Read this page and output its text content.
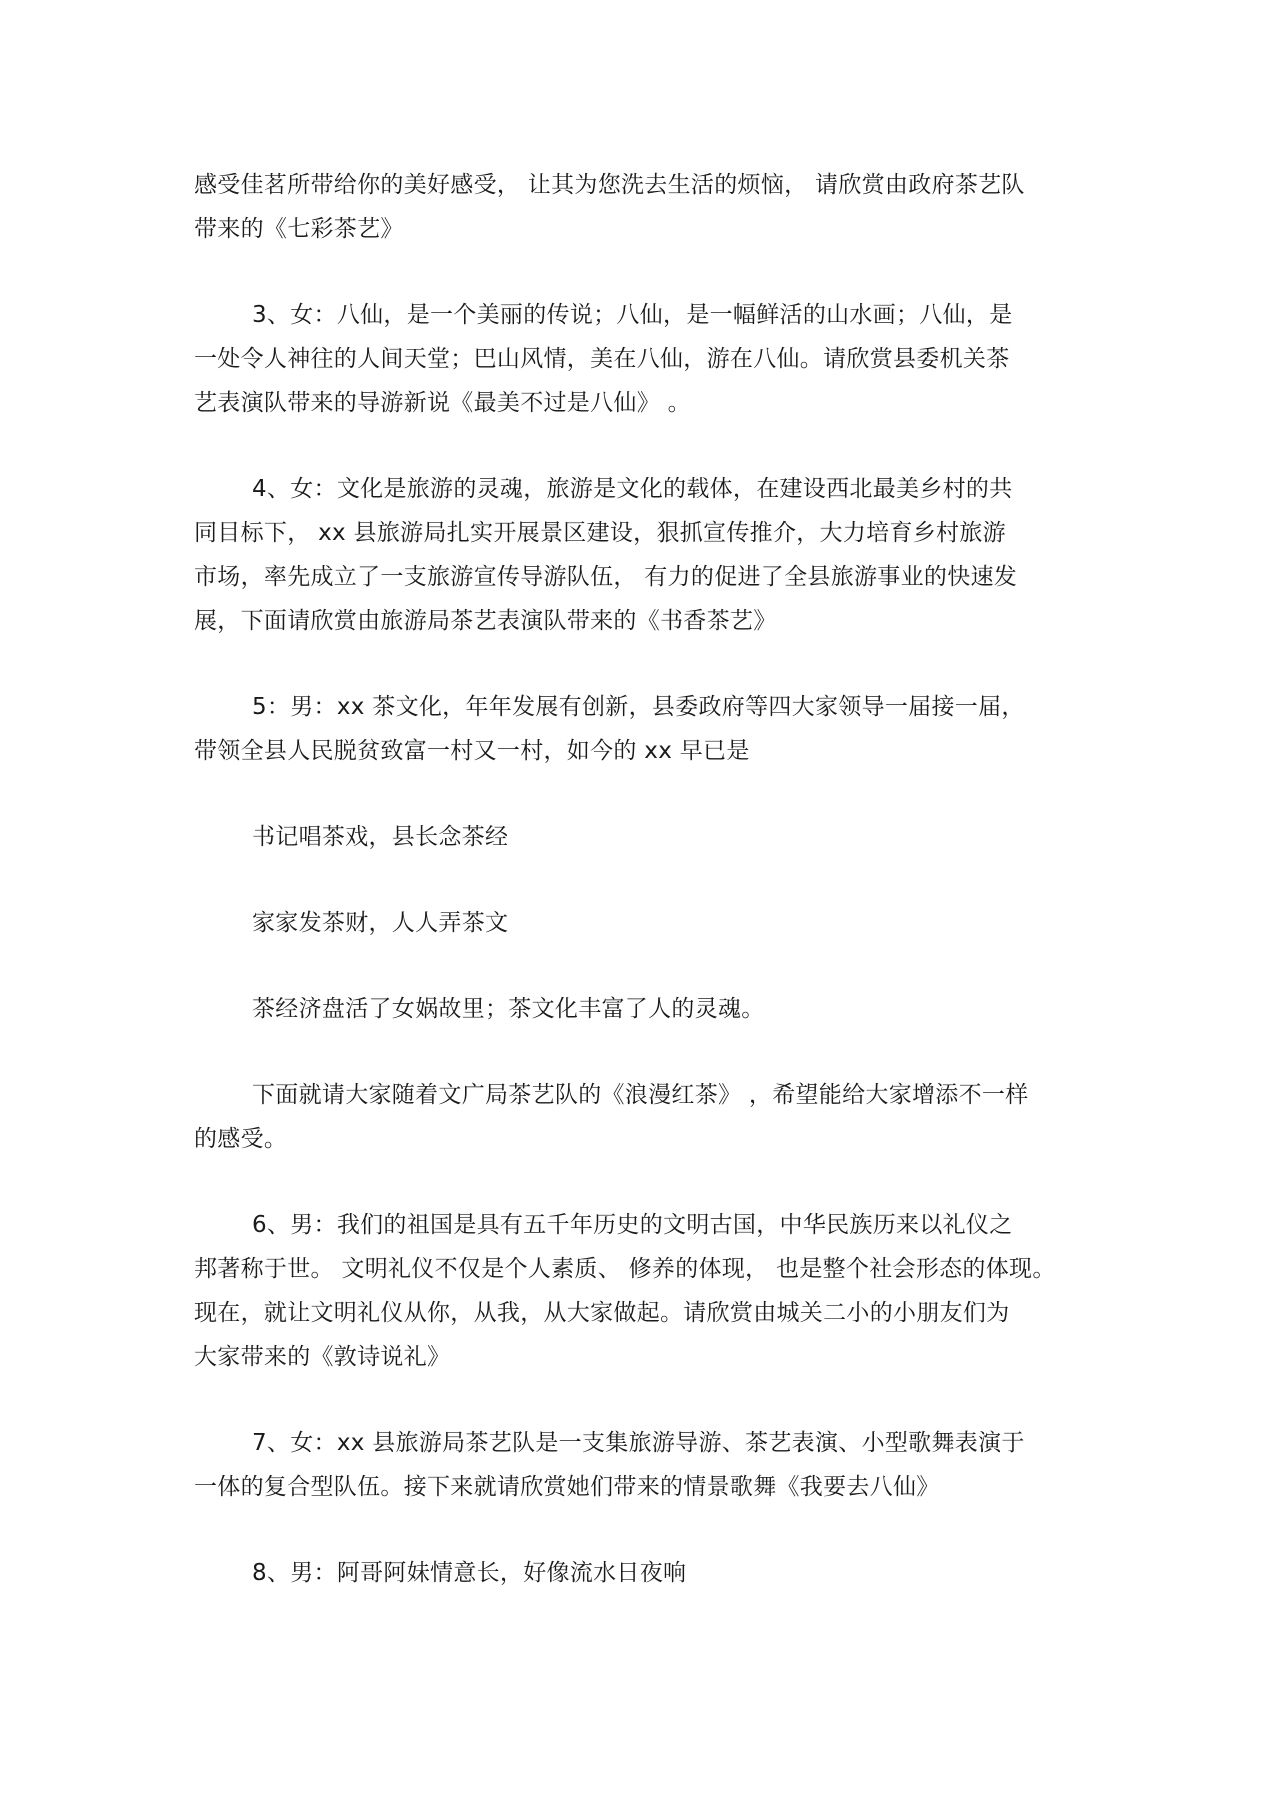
感受佳茗所带给你的美好感受， 让其为您洗去生活的烦恼， 请欣赏由政府茶艺队
带来的《七彩茶艺》
3、女：八仙，是一个美丽的传说；八仙，是一幅鲜活的山水画；八仙，是
一处令人神往的人间天堂；巴山风情，美在八仙，游在八仙。请欣赏县委机关茶
艺表演队带来的导游新说《最美不过是八仙》 。
4、女：文化是旅游的灵魂，旅游是文化的载体，在建设西北最美乡村的共
同目标下， xx 县旅游局扎实开展景区建设，狠抓宣传推介，大力培育乡村旅游
市场，率先成立了一支旅游宣传导游队伍， 有力的促进了全县旅游事业的快速发
展，下面请欣赏由旅游局茶艺表演队带来的《书香茶艺》
5：男：xx 茶文化，年年发展有创新，县委政府等四大家领导一届接一届，
带领全县人民脱贫致富一村又一村，如今的 xx 早已是
书记唱茶戏，县长念茶经
家家发茶财，人人弄茶文
茶经济盘活了女娲故里；茶文化丰富了人的灵魂。
下面就请大家随着文广局茶艺队的《浪漫红茶》 ，希望能给大家增添不一样
的感受。
6、男：我们的祖国是具有五千年历史的文明古国，中华民族历来以礼仪之
邦著称于世。 文明礼仪不仅是个人素质、 修养的体现， 也是整个社会形态的体现。
现在，就让文明礼仪从你，从我，从大家做起。请欣赏由城关二小的小朋友们为
大家带来的《敦诗说礼》
7、女：xx 县旅游局茶艺队是一支集旅游导游、茶艺表演、小型歌舞表演于
一体的复合型队伍。接下来就请欣赏她们带来的情景歌舞《我要去八仙》
8、男：阿哥阿妹情意长，好像流水日夜响
